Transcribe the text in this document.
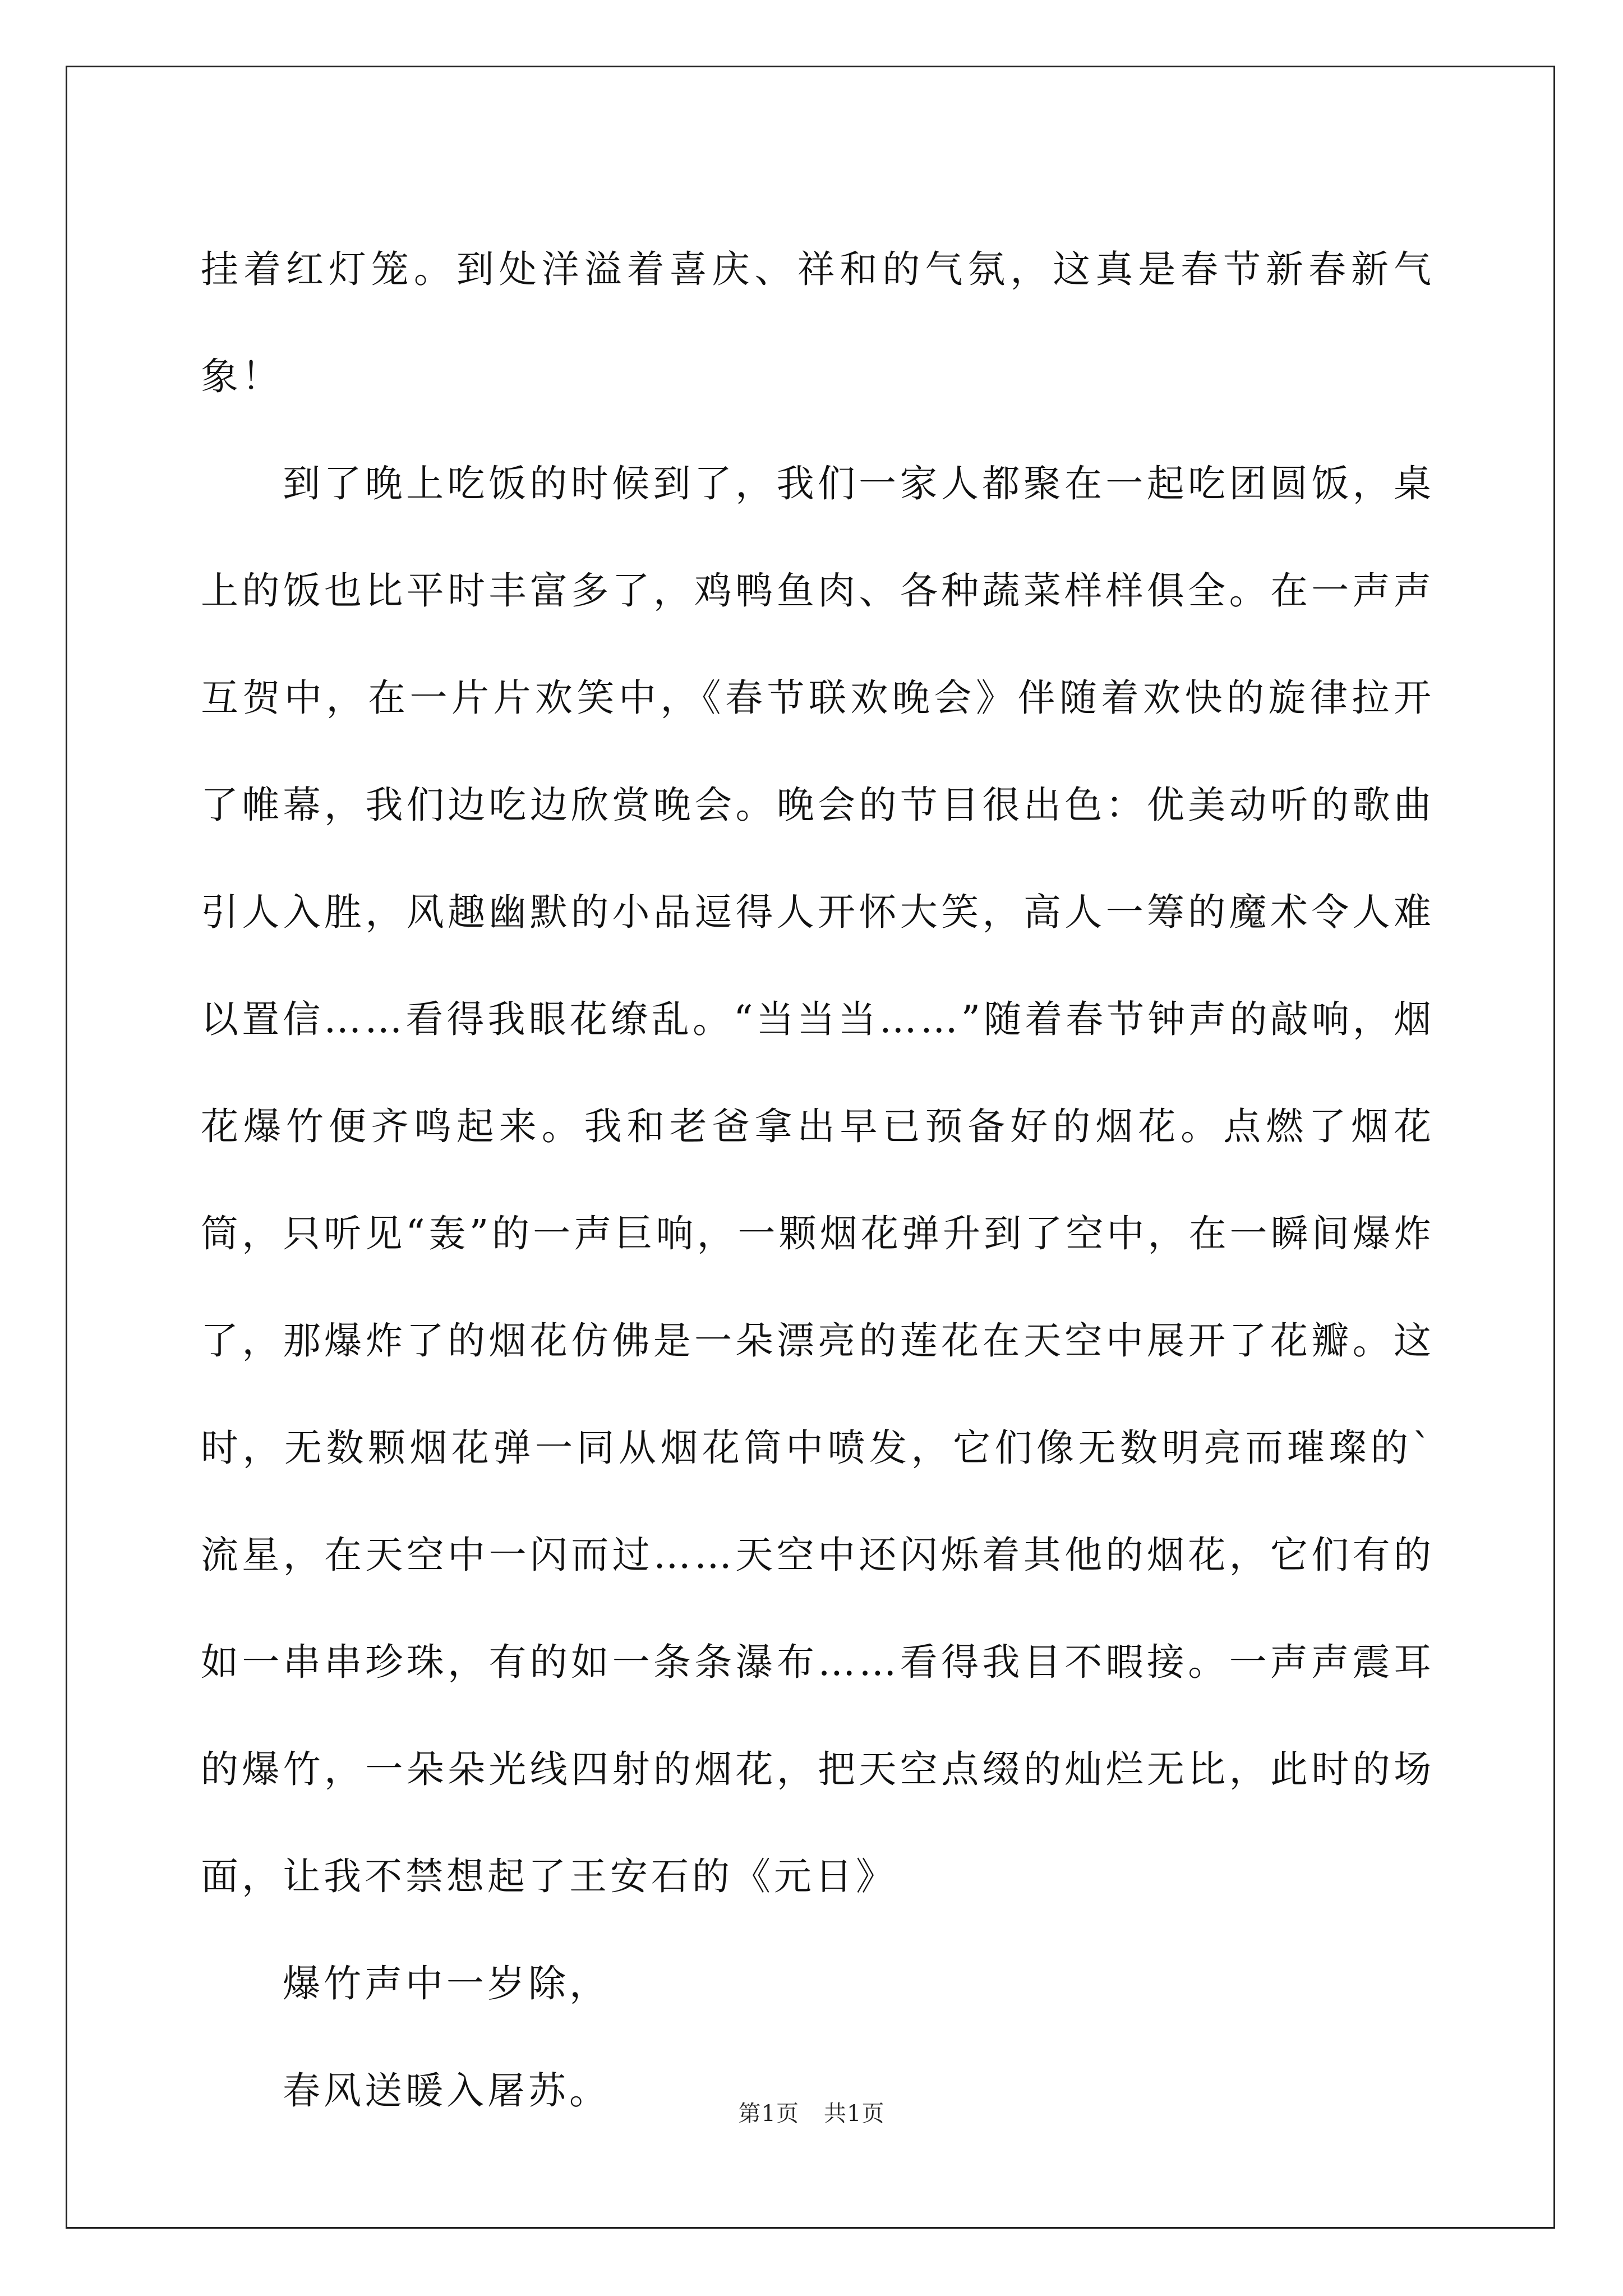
挂着红灯笼。到处洋溢着喜庆、祥和的气氛，这真是春节新春新气象！

到了晚上吃饭的时候到了，我们一家人都聚在一起吃团圆饭，桌上的饭也比平时丰富多了，鸡鸭鱼肉、各种蔬菜样样俱全。在一声声互贺中，在一片片欢笑中，《春节联欢晚会》伴随着欢快的旋律拉开了帷幕，我们边吃边欣赏晚会。晚会的节目很出色：优美动听的歌曲引人入胜，风趣幽默的小品逗得人开怀大笑，高人一筹的魔术令人难以置信……看得我眼花缭乱。“当当当……”随着春节钟声的敲响，烟花爆竹便齐鸣起来。我和老爸拿出早已预备好的烟花。点燃了烟花筒，只听见“轰”的一声巨响，一颗烟花弹升到了空中，在一瞬间爆炸了，那爆炸了的烟花仿佛是一朵漂亮的莲花在天空中展开了花瓣。这时，无数颗烟花弹一同从烟花筒中喷发，它们像无数明亮而璀璨的`流星，在天空中一闪而过……天空中还闪烁着其他的烟花，它们有的如一串串珍珠，有的如一条条瀑布……看得我目不暇接。一声声震耳的爆竹，一朵朵光线四射的烟花，把天空点缀的灿烂无比，此时的场面，让我不禁想起了王安石的《元日》

爆竹声中一岁除，

春风送暖入屠苏。

第1页 共1页
